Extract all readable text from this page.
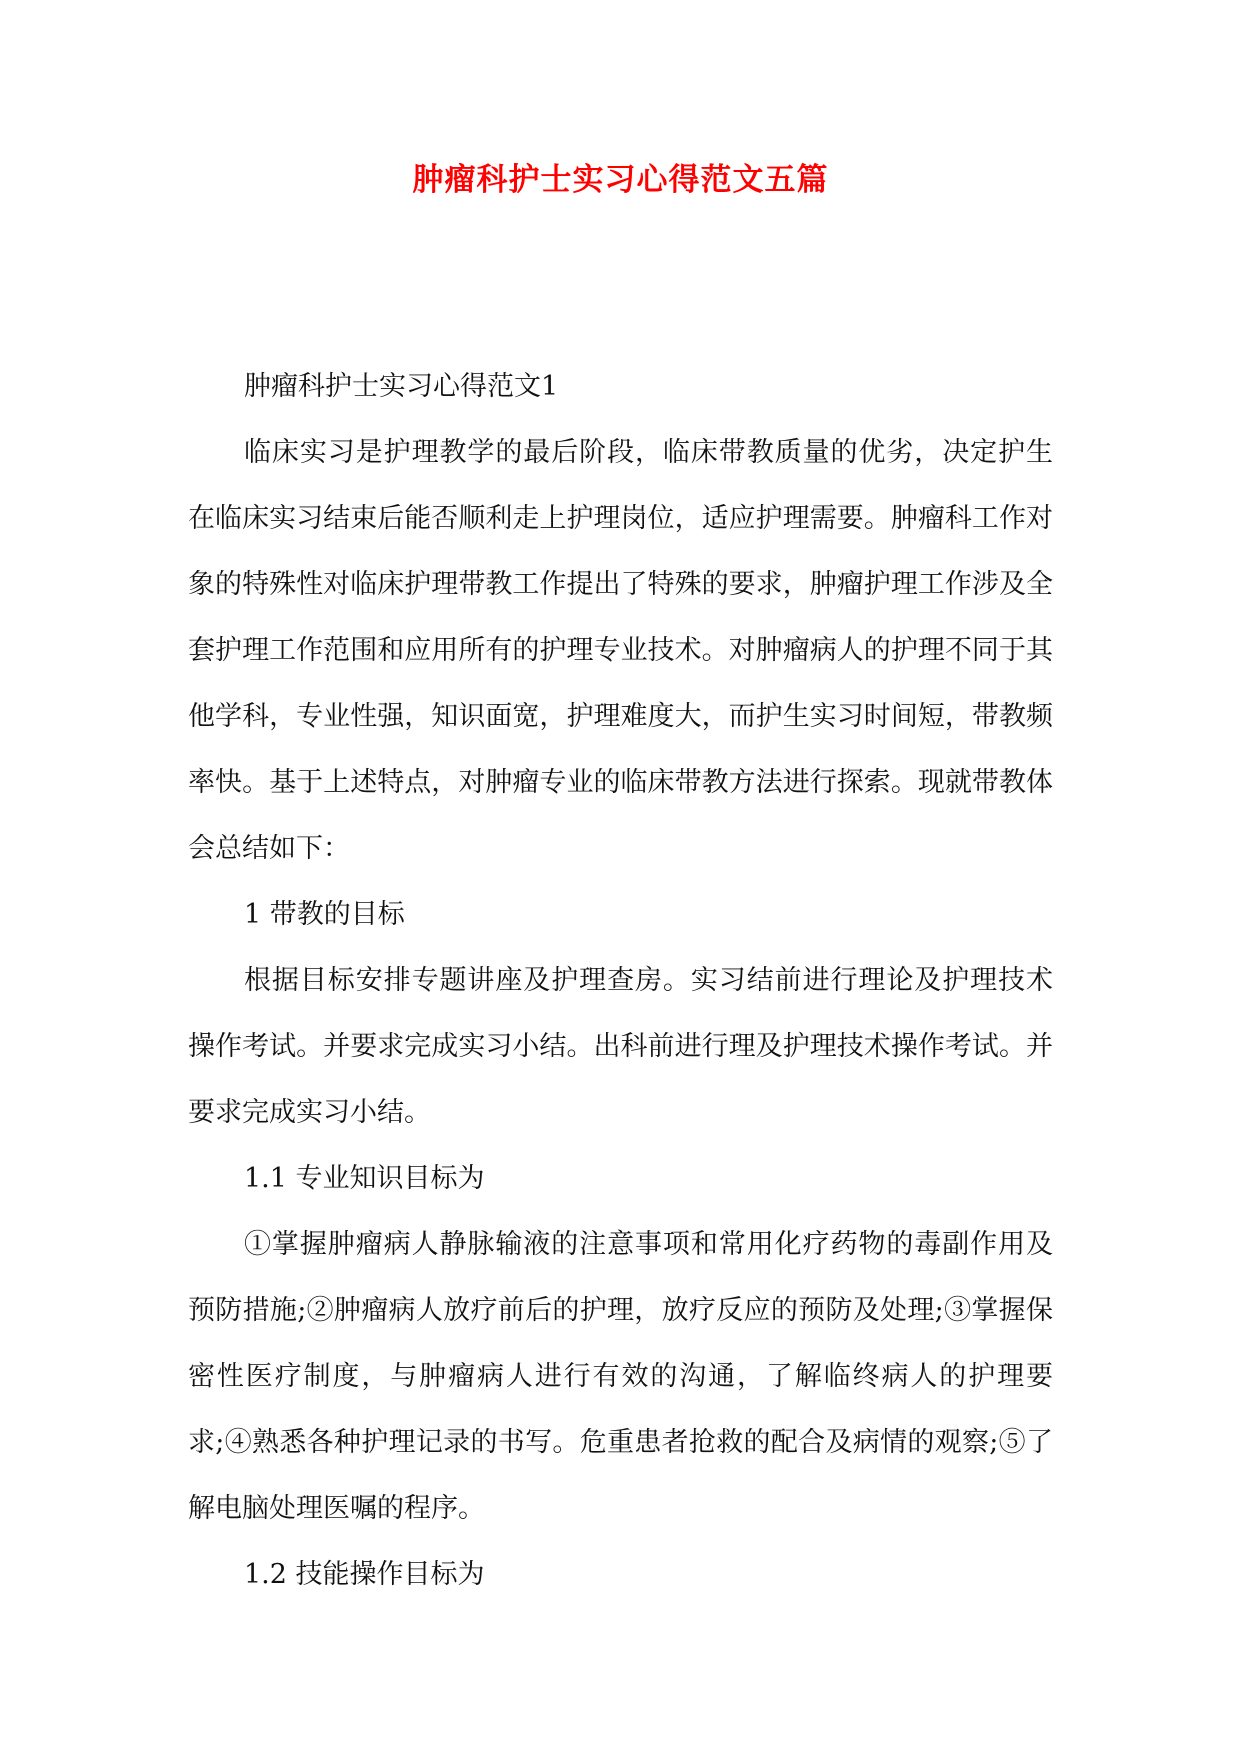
肿瘤科护士实习心得范文五篇

肿瘤科护士实习心得范文1

临床实习是护理教学的最后阶段，临床带教质量的优劣，决定护生在临床实习结束后能否顺利走上护理岗位，适应护理需要。肿瘤科工作对象的特殊性对临床护理带教工作提出了特殊的要求，肿瘤护理工作涉及全套护理工作范围和应用所有的护理专业技术。对肿瘤病人的护理不同于其他学科，专业性强，知识面宽，护理难度大，而护生实习时间短，带教频率快。基于上述特点，对肿瘤专业的临床带教方法进行探索。现就带教体会总结如下：

1 带教的目标

根据目标安排专题讲座及护理查房。实习结前进行理论及护理技术操作考试。并要求完成实习小结。出科前进行理及护理技术操作考试。并要求完成实习小结。

1.1 专业知识目标为

①掌握肿瘤病人静脉输液的注意事项和常用化疗药物的毒副作用及预防措施;②肿瘤病人放疗前后的护理，放疗反应的预防及处理;③掌握保密性医疗制度，与肿瘤病人进行有效的沟通，了解临终病人的护理要求;④熟悉各种护理记录的书写。危重患者抢救的配合及病情的观察;⑤了解电脑处理医嘱的程序。

1.2 技能操作目标为
